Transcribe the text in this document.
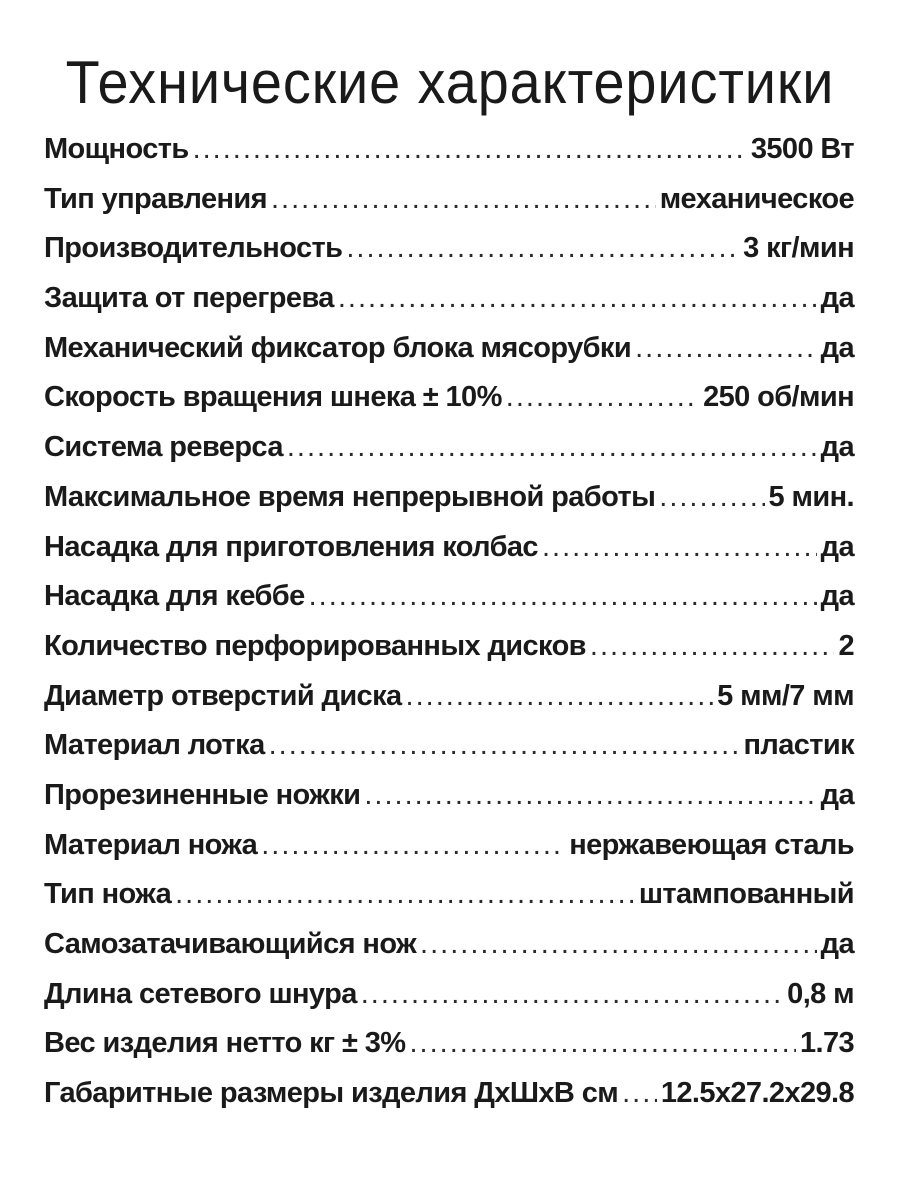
Технические характеристики
Мощность .....	3500 Вт
Тип управления .....	механическое
Производительность .....	3 кг/мин
Защита от перегрева .....	да
Механический фиксатор блока мясорубки .....	да
Скорость вращения шнека ± 10% .....	250 об/мин
Система реверса .....	да
Максимальное время непрерывной работы .....	5 мин.
Насадка для приготовления колбас .....	да
Насадка для кеббе .....	да
Количество перфорированных дисков .....	2
Диаметр отверстий диска .....	5 мм/7 мм
Материал лотка .....	пластик
Прорезиненные ножки .....	да
Материал ножа .....	нержавеющая сталь
Тип ножа .....	штампованный
Самозатачивающийся нож .....	да
Длина сетевого шнура .....	0,8 м
Вес изделия нетто кг ± 3% .....	1.73
Габаритные размеры изделия ДхШхВ см ..... 12.5x27.2x29.8
